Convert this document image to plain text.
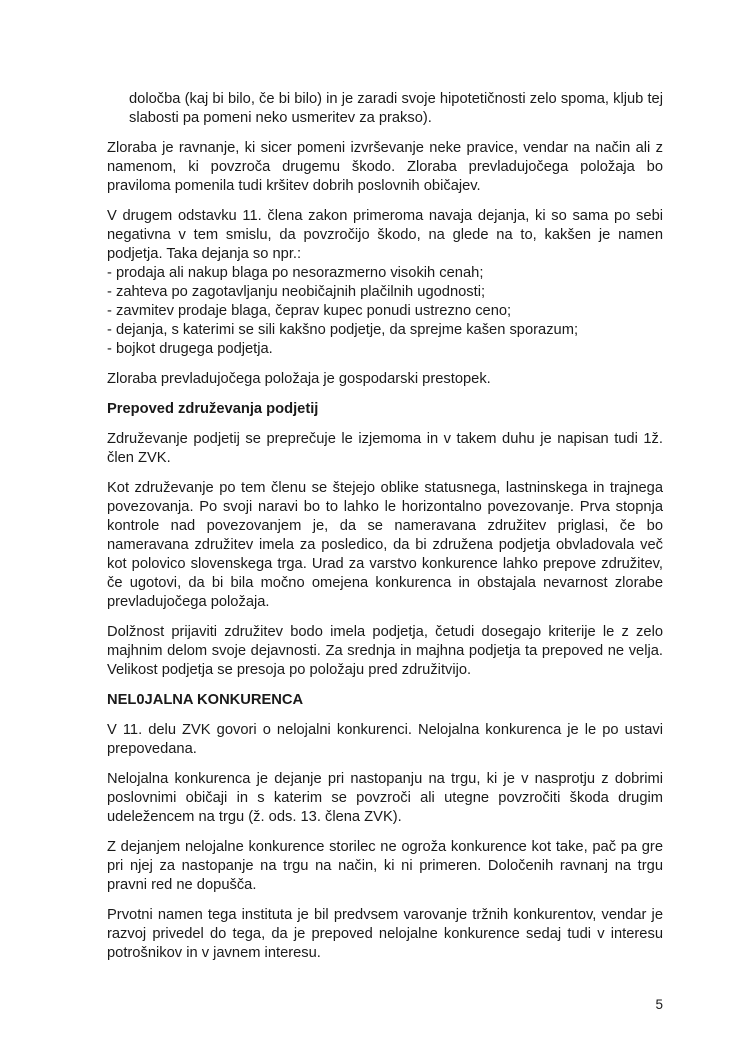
določba (kaj bi bilo, če bi bilo) in je zaradi svoje hipotetičnosti zelo spoma, kljub tej slabosti pa pomeni neko usmeritev za prakso).

Zloraba je ravnanje, ki sicer pomeni izvrševanje neke pravice, vendar na način ali z namenom, ki povzroča drugemu škodo. Zloraba prevladujočega položaja bo praviloma pomenila tudi kršitev dobrih poslovnih običajev.

V drugem odstavku 11. člena zakon primeroma navaja dejanja, ki so sama po sebi negativna v tem smislu, da povzročijo škodo, na glede na to, kakšen je namen podjetja. Taka dejanja so npr.:

- prodaja ali nakup blaga po nesorazmerno visokih cenah;
- zahteva po zagotavljanju neobičajnih plačilnih ugodnosti;
- zavmitev prodaje blaga, čeprav kupec ponudi ustrezno ceno;
- dejanja, s katerimi se sili kakšno podjetje, da sprejme kašen sporazum;
- bojkot drugega podjetja.

Zloraba prevladujočega položaja je gospodarski prestopek.

Prepoved združevanja podjetij

Združevanje podjetij se preprečuje le izjemoma in v takem duhu je napisan tudi 1ž. člen ZVK.

Kot združevanje po tem členu se štejejo oblike statusnega, lastninskega in trajnega povezovanja. Po svoji naravi bo to lahko le horizontalno povezovanje. Prva stopnja kontrole nad povezovanjem je, da se nameravana združitev priglasi, če bo nameravana združitev imela za posledico, da bi združena podjetja obvladovala več kot polovico slovenskega trga. Urad za varstvo konkurence lahko prepove združitev, če ugotovi, da bi bila močno omejena konkurenca in obstajala nevarnost zlorabe prevladujočega položaja.

Dolžnost prijaviti združitev bodo imela podjetja, četudi dosegajo kriterije le z zelo majhnim delom svoje dejavnosti. Za srednja in majhna podjetja ta prepoved ne velja. Velikost podjetja se presoja po položaju pred združitvijo.

NEL0JALNA KONKURENCA

V 11. delu ZVK govori o nelojalni konkurenci. Nelojalna konkurenca je le po ustavi prepovedana.

Nelojalna konkurenca je dejanje pri nastopanju na trgu, ki je v nasprotju z dobrimi poslovnimi običaji in s katerim se povzroči ali utegne povzročiti škoda drugim udeležencem na trgu (ž. ods. 13. člena ZVK).

Z dejanjem nelojalne konkurence storilec ne ogroža konkurence kot take, pač pa gre pri njej za nastopanje na trgu na način, ki ni primeren. Določenih ravnanj na trgu pravni red ne dopušča.

Prvotni namen tega instituta je bil predvsem varovanje tržnih konkurentov, vendar je razvoj privedel do tega, da je prepoved nelojalne konkurence sedaj tudi v interesu potrošnikov in v javnem interesu.

5
